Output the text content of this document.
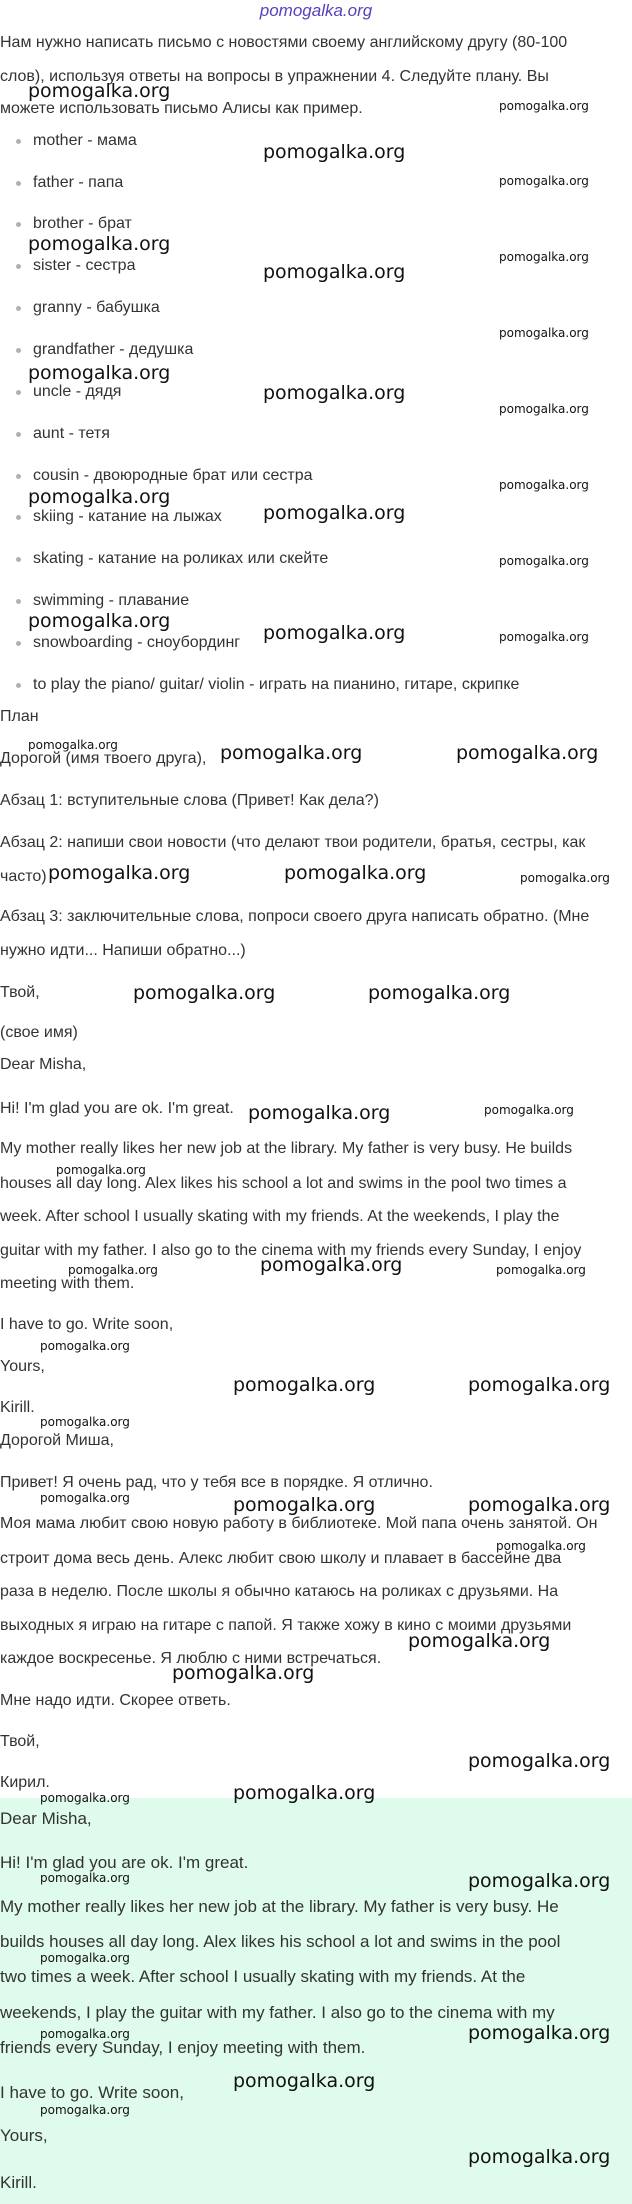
pomogalka.org

Нам нужно написать письмо с новостями своему английскому другу (80-100

слов), используя ответы на вопросы в упражнении 4. Следуйте плану. Вы

можете использовать письмо Алисы как пример.

mother - мама
father - папа
brother - брат
sister - сестра
granny - бабушка
grandfather - дедушка
uncle - дядя
aunt - тетя
cousin - двоюродные брат или сестра
skiing - катание на лыжах
skating - катание на роликах или скейте
swimming - плавание
snowboarding - сноубординг
to play the piano/ guitar/ violin - играть на пианино, гитаре, скрипке

План

Дорогой (имя твоего друга),

Абзац 1: вступительные слова (Привет! Как дела?)

Абзац 2: напиши свои новости (что делают твои родители, братья, сестры, как

часто)

Абзац 3: заключительные слова, попроси своего друга написать обратно. (Мне

нужно идти... Напиши обратно...)

Твой,

(свое имя)

Dear Misha,

Hi! I'm glad you are ok. I'm great.

My mother really likes her new job at the library. My father is very busy. He builds

houses all day long. Alex likes his school a lot and swims in the pool two times a

week. After school I usually skating with my friends. At the weekends, I play the

guitar with my father. I also go to the cinema with my friends every Sunday, I enjoy

meeting with them.

I have to go. Write soon,

Yours,

Kirill.

Дорогой Миша,

Привет! Я очень рад, что у тебя все в порядке. Я отлично.

Моя мама любит свою новую работу в библиотеке. Мой папа очень занятой. Он

строит дома весь день. Алекс любит свою школу и плавает в бассейне два

раза в неделю. После школы я обычно катаюсь на роликах с друзьями. На

выходных я играю на гитаре с папой. Я также хожу в кино с моими друзьями

каждое воскресенье. Я люблю с ними встречаться.

Мне надо идти. Скорее ответь.

Твой,

Кирил.

Dear Misha,

Hi! I'm glad you are ok. I'm great.

My mother really likes her new job at the library. My father is very busy. He

builds houses all day long. Alex likes his school a lot and swims in the pool

two times a week. After school I usually skating with my friends. At the

weekends, I play the guitar with my father. I also go to the cinema with my

friends every Sunday, I enjoy meeting with them.

I have to go. Write soon,

Yours,

Kirill.

pomogalka.org
pomogalka.org
pomogalka.org
pomogalka.org
pomogalka.org
pomogalka.org
pomogalka.org
pomogalka.org
pomogalka.org
pomogalka.org
pomogalka.org
pomogalka.org
pomogalka.org
pomogalka.org
pomogalka.org
pomogalka.org
pomogalka.org	pomogalka.org
pomogalka.org	pomogalka.org	pomogalka.org
pomogalka.org	pomogalka.org	pomogalka.org
pomogalka.org	pomogalka.org
pomogalka.org	pomogalka.org
pomogalka.org
pomogalka.org	pomogalka.org	pomogalka.org
pomogalka.org
pomogalka.org	pomogalka.org
pomogalka.org
pomogalka.org	pomogalka.org	pomogalka.org
pomogalka.org
pomogalka.org
pomogalka.org
pomogalka.org
pomogalka.org
pomogalka.org
pomogalka.org	pomogalka.org
pomogalka.org
pomogalka.org	pomogalka.org
pomogalka.org
pomogalka.org
pomogalka.org
